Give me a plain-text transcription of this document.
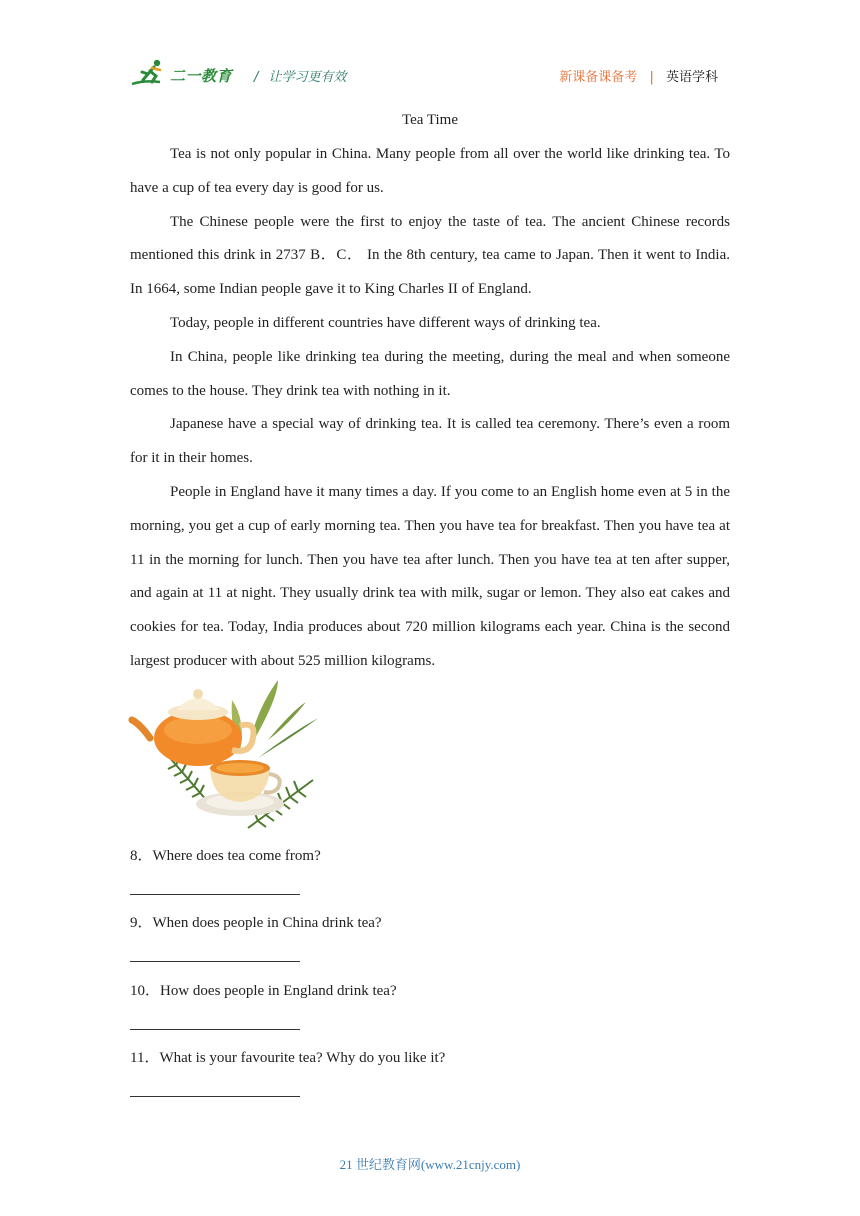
二一教育 / 让学习更有效	新课备课备考 | 英语学科
Tea Time

Tea is not only popular in China. Many people from all over the world like drinking tea. To have a cup of tea every day is good for us.

The Chinese people were the first to enjoy the taste of tea. The ancient Chinese records mentioned this drink in 2737 B．C． In the 8th century, tea came to Japan. Then it went to India. In 1664, some Indian people gave it to King Charles II of England.

Today, people in different countries have different ways of drinking tea.

In China, people like drinking tea during the meeting, during the meal and when someone comes to the house. They drink tea with nothing in it.

Japanese have a special way of drinking tea. It is called tea ceremony. There’s even a room for it in their homes.

People in England have it many times a day. If you come to an English home even at 5 in the morning, you get a cup of early morning tea. Then you have tea for breakfast. Then you have tea at 11 in the morning for lunch. Then you have tea after lunch. Then you have tea at ten after supper, and again at 11 at night. They usually drink tea with milk, sugar or lemon. They also eat cakes and cookies for tea. Today, India produces about 720 million kilograms each year. China is the second largest producer with about 525 million kilograms.

8．Where does tea come from?
9．When does people in China drink tea?
10．How does people in England drink tea?
11．What is your favourite tea? Why do you like it?
21 世纪教育网(www.21cnjy.com)
